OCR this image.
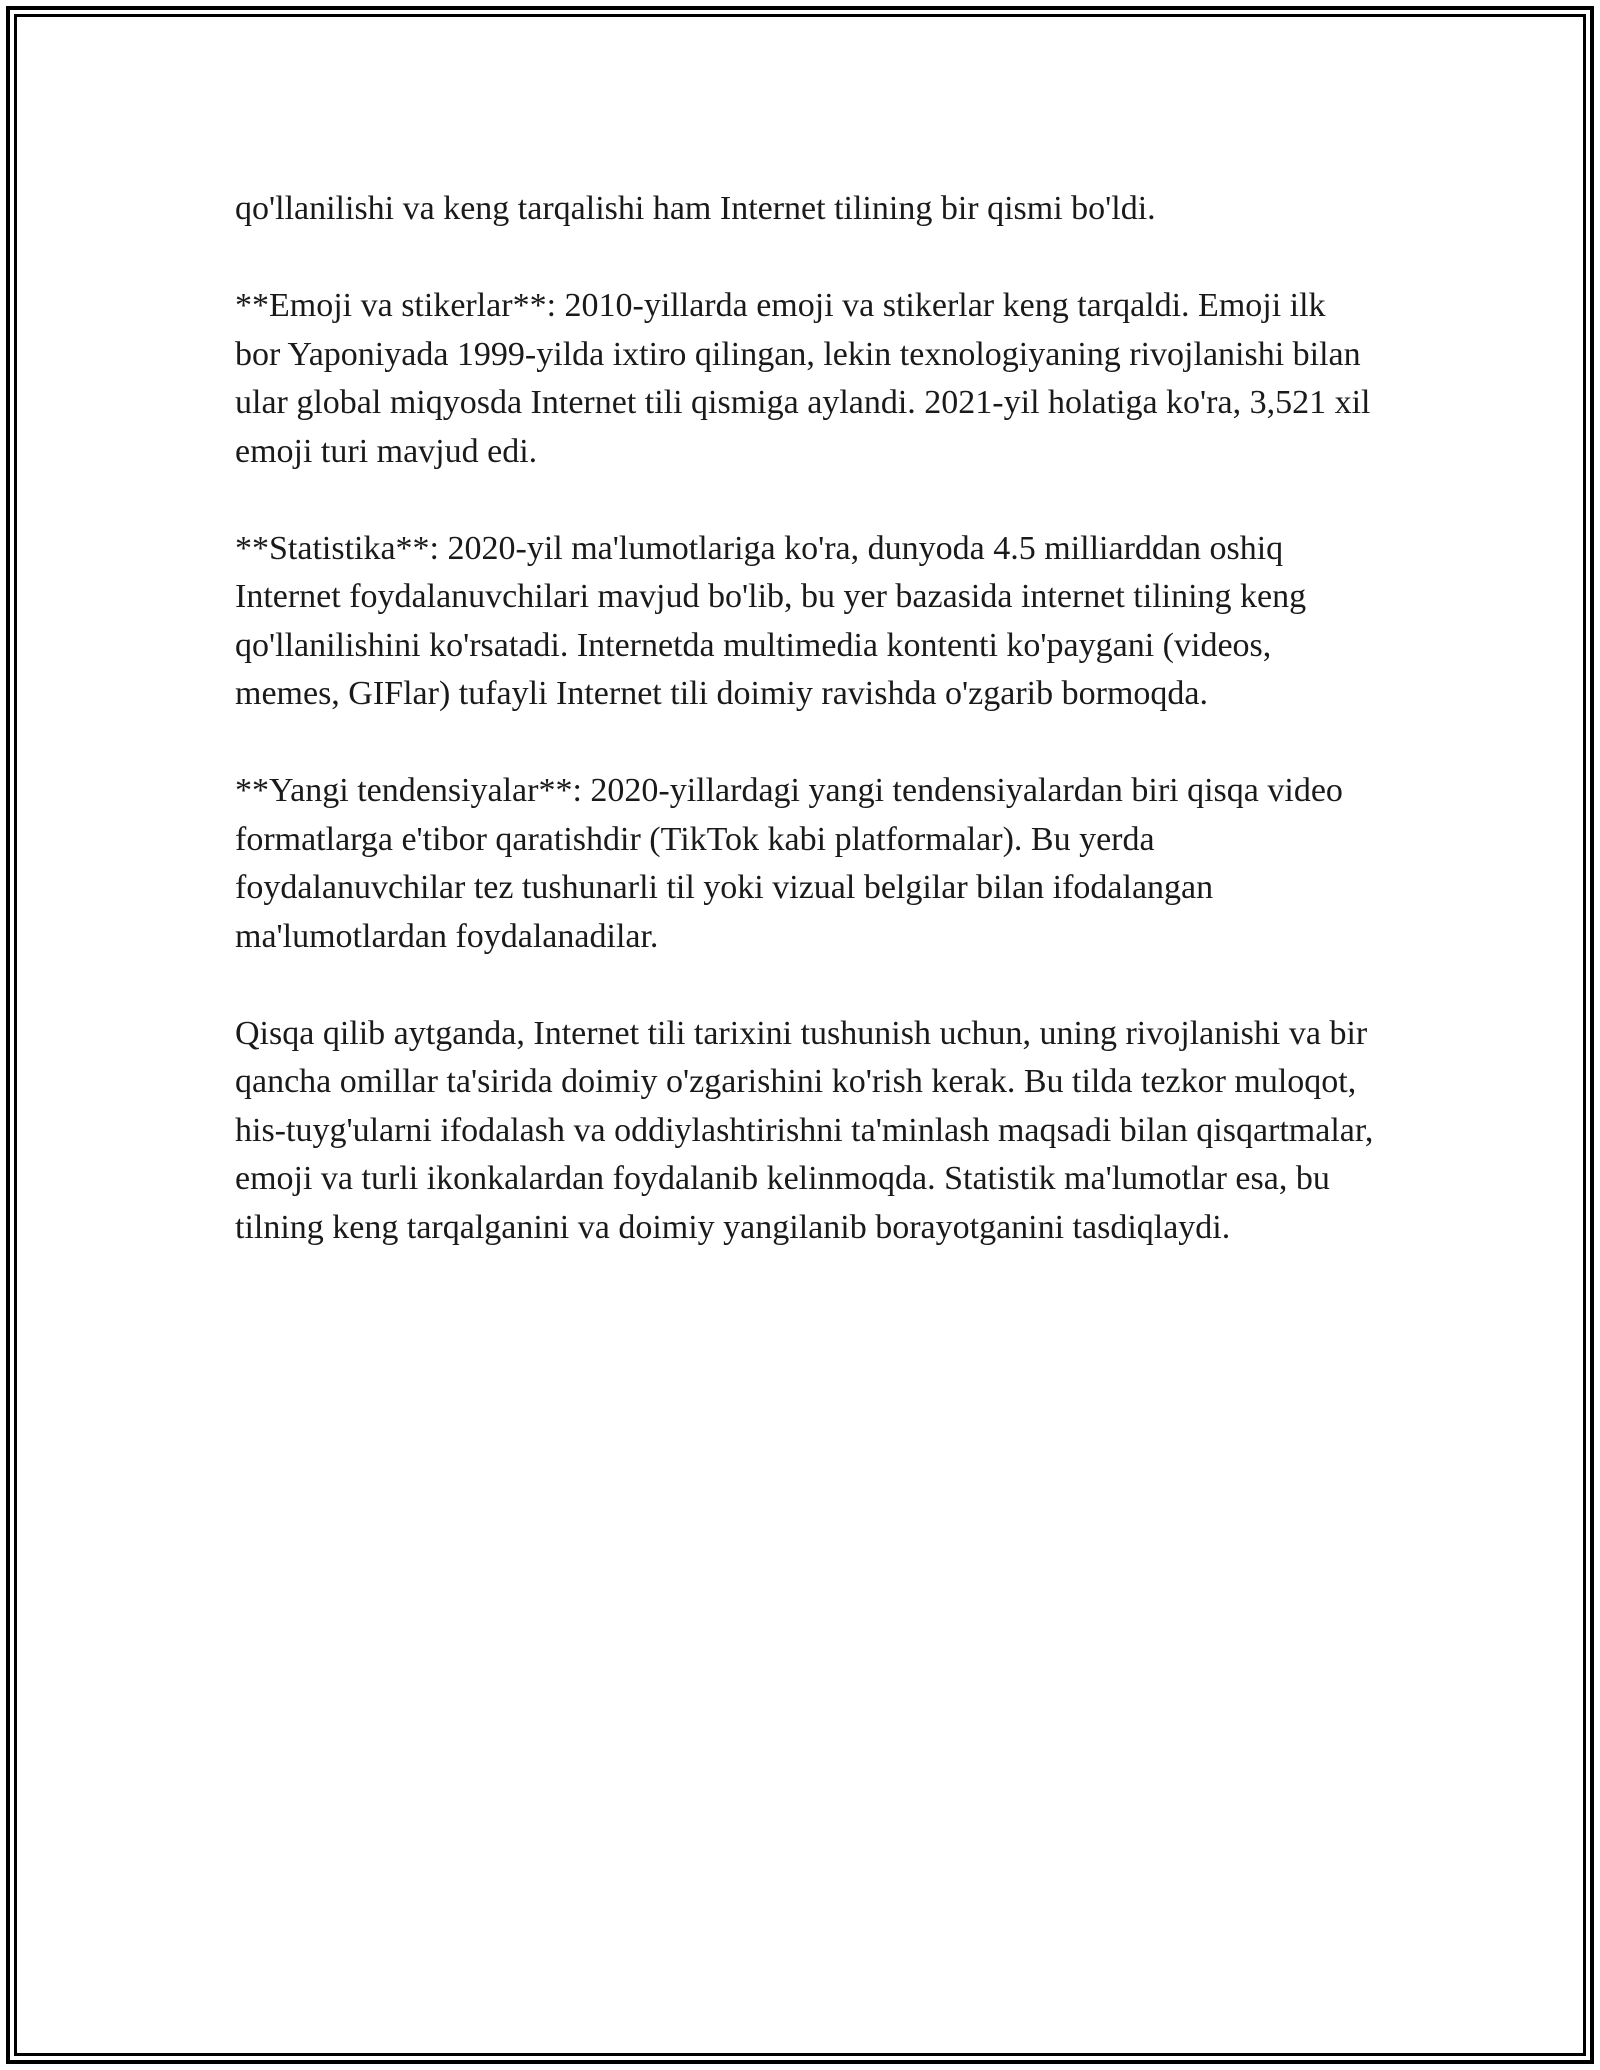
qo'llanilishi va keng tarqalishi ham Internet tilining bir qismi bo'ldi.

**Emoji va stikerlar**: 2010-yillarda emoji va stikerlar keng tarqaldi. Emoji ilk bor Yaponiyada 1999-yilda ixtiro qilingan, lekin texnologiyaning rivojlanishi bilan ular global miqyosda Internet tili qismiga aylandi. 2021-yil holatiga ko'ra, 3,521 xil emoji turi mavjud edi.

**Statistika**: 2020-yil ma'lumotlariga ko'ra, dunyoda 4.5 milliarddan oshiq Internet foydalanuvchilari mavjud bo'lib, bu yer bazasida internet tilining keng qo'llanilishini ko'rsatadi. Internetda multimedia kontenti ko'paygani (videos, memes, GIFlar) tufayli Internet tili doimiy ravishda o'zgarib bormoqda.

**Yangi tendensiyalar**: 2020-yillardagi yangi tendensiyalardan biri qisqa video formatlarga e'tibor qaratishdir (TikTok kabi platformalar). Bu yerda foydalanuvchilar tez tushunarli til yoki vizual belgilar bilan ifodalangan ma'lumotlardan foydalanadilar.

Qisqa qilib aytganda, Internet tili tarixini tushunish uchun, uning rivojlanishi va bir qancha omillar ta'sirida doimiy o'zgarishini ko'rish kerak. Bu tilda tezkor muloqot, his-tuyg'ularni ifodalash va oddiylashtirishni ta'minlash maqsadi bilan qisqartmalar, emoji va turli ikonkalardan foydalanib kelinmoqda. Statistik ma'lumotlar esa, bu tilning keng tarqalganini va doimiy yangilanib borayotganini tasdiqlaydi.
